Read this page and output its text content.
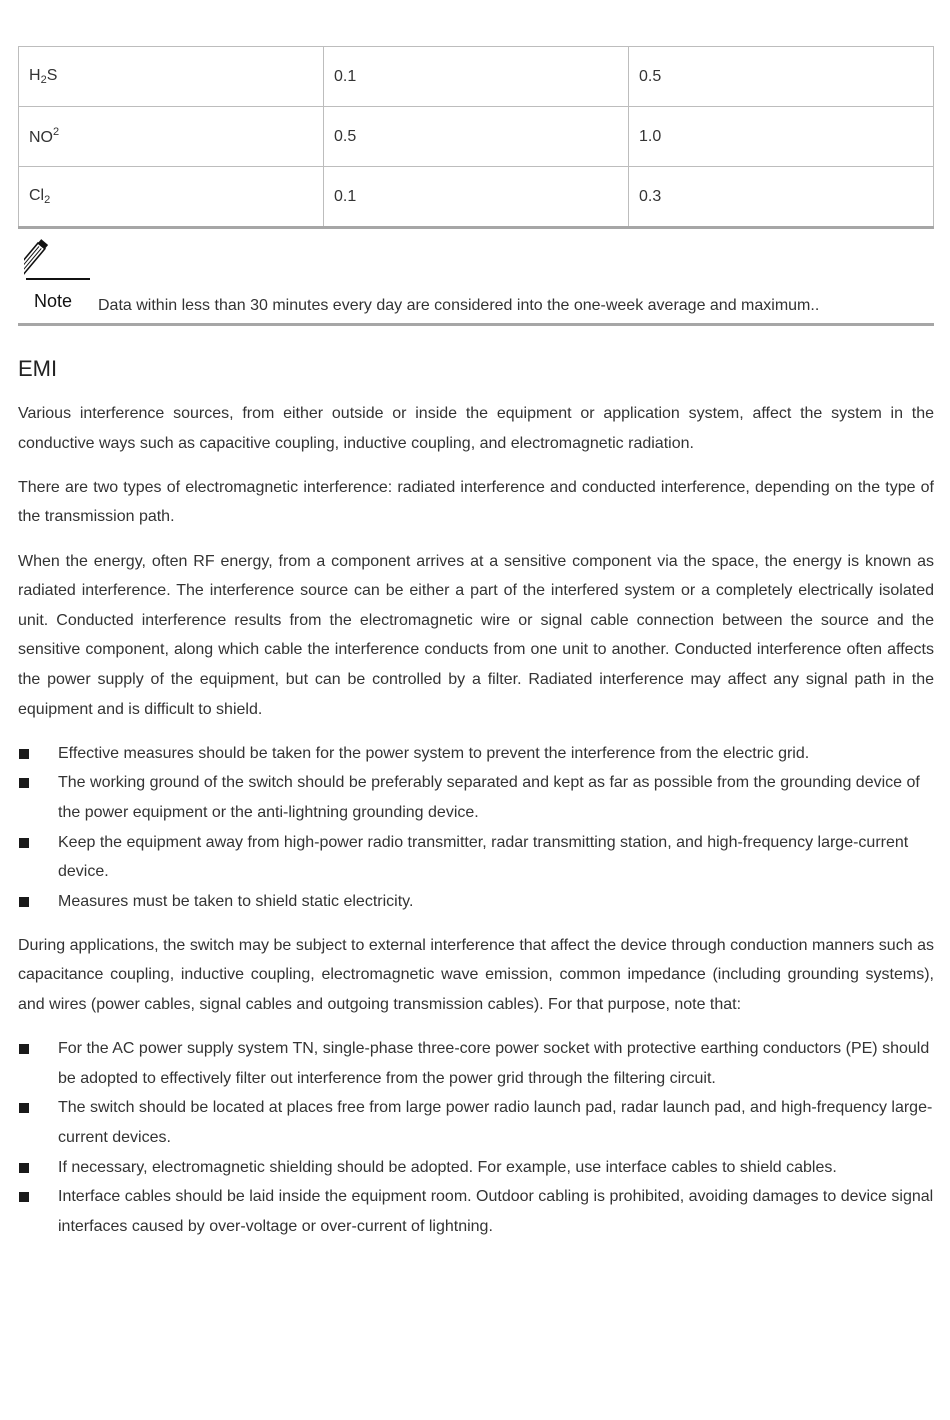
$H_2S$	0.1	0.5
$NO^2$	0.5	1.0
$Cl_2$	0.1	0.3
Note Data within less than 30 minutes every day are considered into the one-week average and maximum..
EMI

Various interference sources, from either outside or inside the equipment or application system, affect the system in the conductive ways such as capacitive coupling, inductive coupling, and electromagnetic radiation.

There are two types of electromagnetic interference: radiated interference and conducted interference, depending on the type of the transmission path.

When the energy, often RF energy, from a component arrives at a sensitive component via the space, the energy is known as radiated interference. The interference source can be either a part of the interfered system or a completely electrically isolated unit. Conducted interference results from the electromagnetic wire or signal cable connection between the source and the sensitive component, along which cable the interference conducts from one unit to another. Conducted interference often affects the power supply of the equipment, but can be controlled by a filter. Radiated interference may affect any signal path in the equipment and is difficult to shield.

Effective measures should be taken for the power system to prevent the interference from the electric grid.
The working ground of the switch should be preferably separated and kept as far as possible from the grounding device of the power equipment or the anti-lightning grounding device.
Keep the equipment away from high-power radio transmitter, radar transmitting station, and high-frequency large-current device.
Measures must be taken to shield static electricity.

During applications, the switch may be subject to external interference that affect the device through conduction manners such as capacitance coupling, inductive coupling, electromagnetic wave emission, common impedance (including grounding systems), and wires (power cables, signal cables and outgoing transmission cables). For that purpose, note that:

For the AC power supply system TN, single-phase three-core power socket with protective earthing conductors (PE) should be adopted to effectively filter out interference from the power grid through the filtering circuit.
The switch should be located at places free from large power radio launch pad, radar launch pad, and high-frequency large-current devices.
If necessary, electromagnetic shielding should be adopted. For example, use interface cables to shield cables.
Interface cables should be laid inside the equipment room. Outdoor cabling is prohibited, avoiding damages to device signal interfaces caused by over-voltage or over-current of lightning.
